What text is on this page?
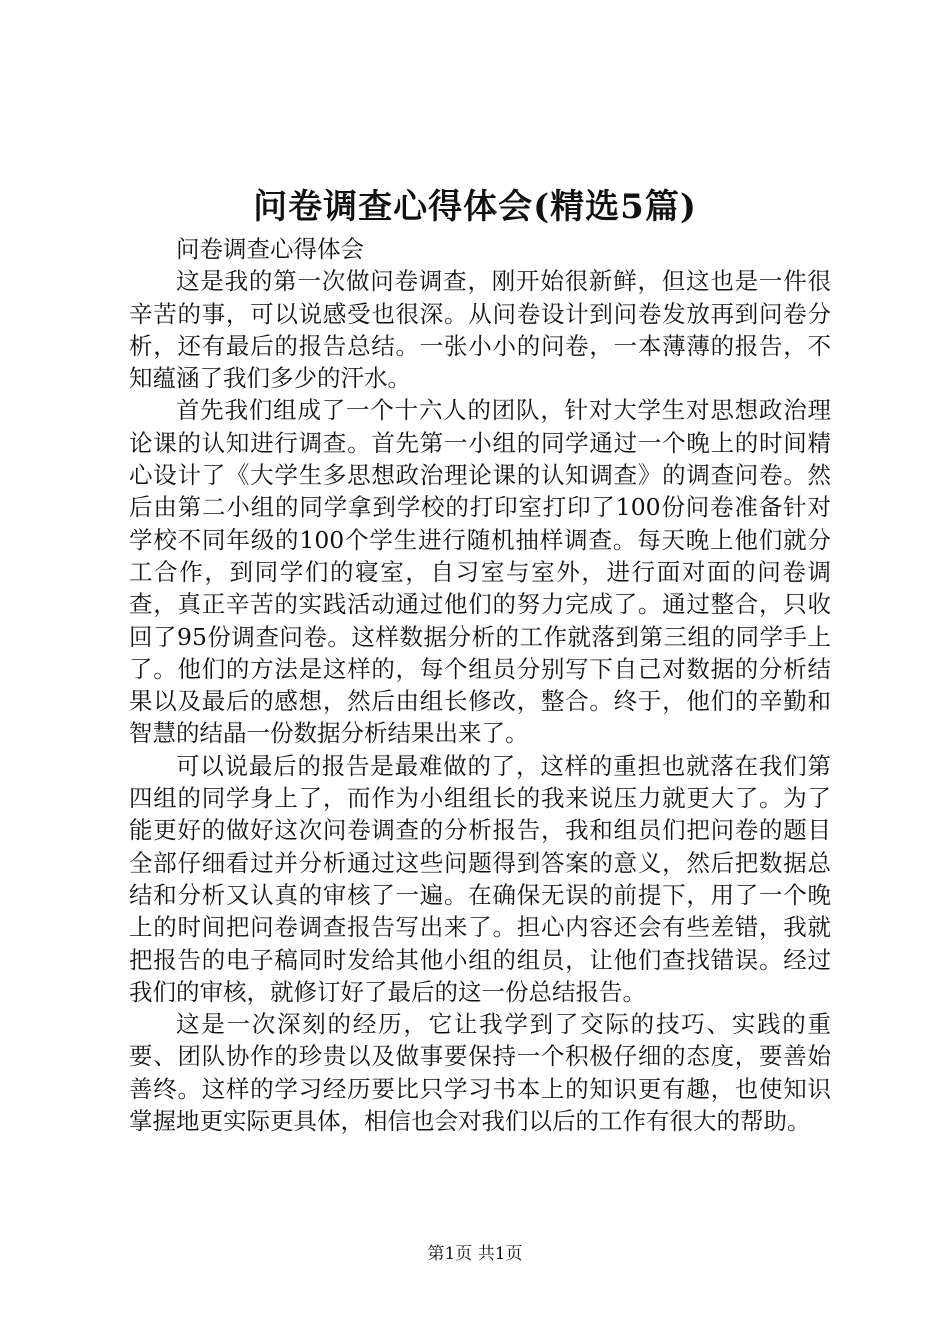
问卷调查心得体会(精选5篇)

问卷调查心得体会

这是我的第一次做问卷调查，刚开始很新鲜，但这也是一件很辛苦的事，可以说感受也很深。从问卷设计到问卷发放再到问卷分析，还有最后的报告总结。一张小小的问卷，一本薄薄的报告，不知蕴涵了我们多少的汗水。

首先我们组成了一个十六人的团队，针对大学生对思想政治理论课的认知进行调查。首先第一小组的同学通过一个晚上的时间精心设计了《大学生多思想政治理论课的认知调查》的调查问卷。然后由第二小组的同学拿到学校的打印室打印了100份问卷准备针对学校不同年级的100个学生进行随机抽样调查。每天晚上他们就分工合作，到同学们的寝室，自习室与室外，进行面对面的问卷调查，真正辛苦的实践活动通过他们的努力完成了。通过整合，只收回了95份调查问卷。这样数据分析的工作就落到第三组的同学手上了。他们的方法是这样的，每个组员分别写下自己对数据的分析结果以及最后的感想，然后由组长修改，整合。终于，他们的辛勤和智慧的结晶一份数据分析结果出来了。

可以说最后的报告是最难做的了，这样的重担也就落在我们第四组的同学身上了，而作为小组组长的我来说压力就更大了。为了能更好的做好这次问卷调查的分析报告，我和组员们把问卷的题目全部仔细看过并分析通过这些问题得到答案的意义，然后把数据总结和分析又认真的审核了一遍。在确保无误的前提下，用了一个晚上的时间把问卷调查报告写出来了。担心内容还会有些差错，我就把报告的电子稿同时发给其他小组的组员，让他们查找错误。经过我们的审核，就修订好了最后的这一份总结报告。

这是一次深刻的经历，它让我学到了交际的技巧、实践的重要、团队协作的珍贵以及做事要保持一个积极仔细的态度，要善始善终。这样的学习经历要比只学习书本上的知识更有趣，也使知识掌握地更实际更具体，相信也会对我们以后的工作有很大的帮助。

第1页 共1页
